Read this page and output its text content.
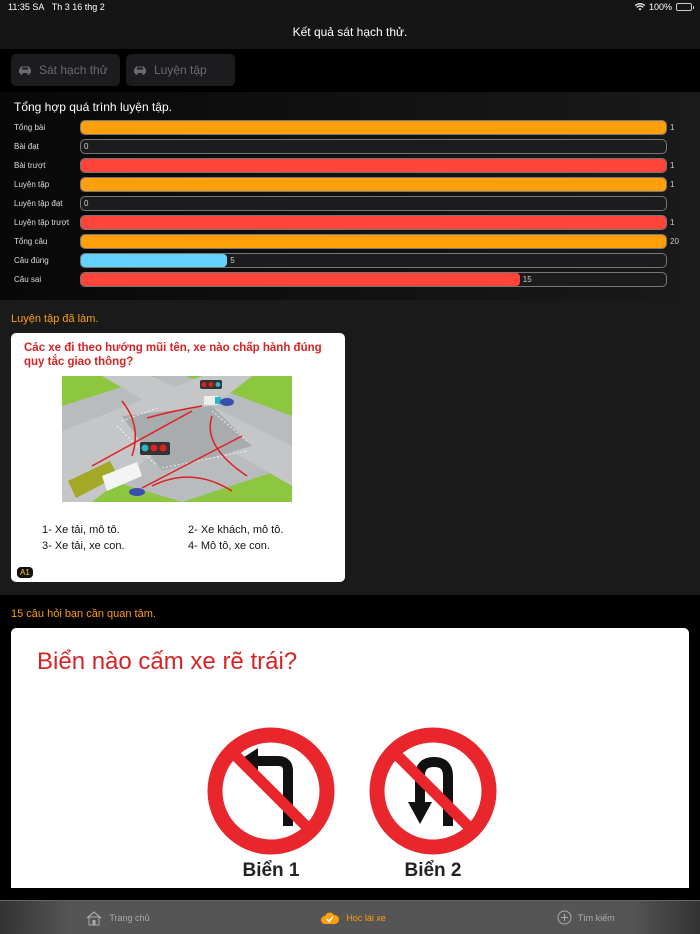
11:35 SA Th 3 16 thg 2	100%
Kết quả sát hạch thử.
Sát hạch thử	Luyện tập
Tổng hợp quá trình luyện tập.
Tổng bài	1
Bài đạt	0
Bài trượt	1
Luyện tập	1
Luyện tập đạt	0
Luyện tập trượt	1
Tổng câu	20
Câu đúng	5
Câu sai	15
Luyện tập đã làm.
Các xe đi theo hướng mũi tên, xe nào chấp hành đúng quy tắc giao thông?
1- Xe tải, mô tô.	2- Xe khách, mô tô.
3- Xe tải, xe con.	4- Mô tô, xe con.
A1
15 câu hỏi bạn cần quan tâm.
Biển nào cấm xe rẽ trái?
Biển 1	Biển 2
Trang chủ	Hoc lái xe	Tìm kiếm
